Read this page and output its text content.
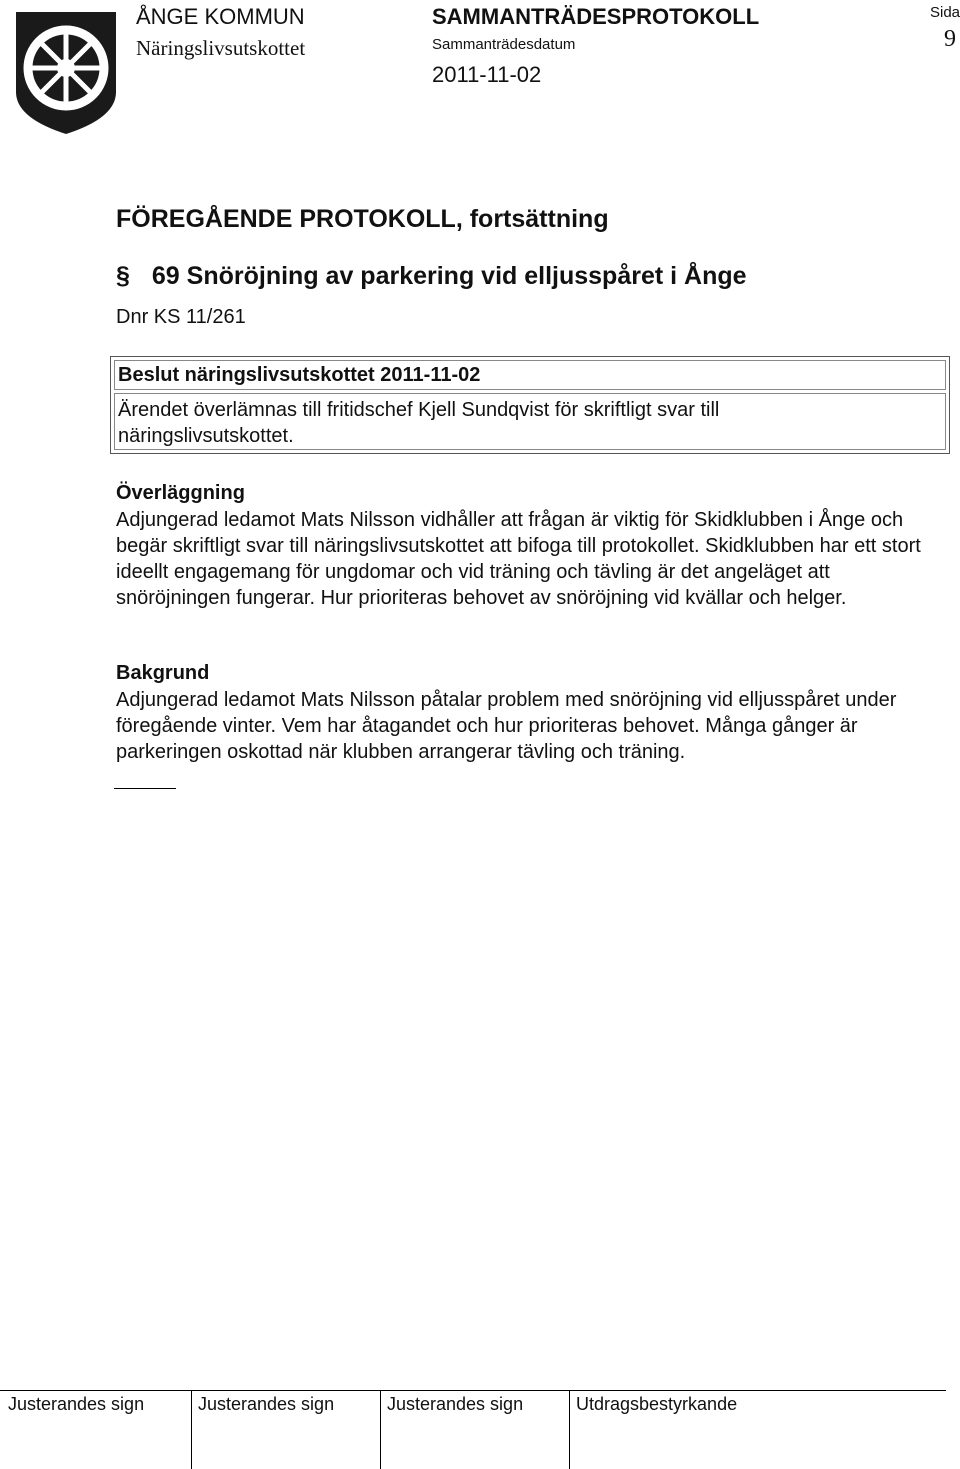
ÅNGE KOMMUN
Näringslivsutskottet
SAMMANTRÄDESPROTOKOLL
Sammanträdesdatum
2011-11-02
Sida
9
FÖREGÅENDE PROTOKOLL, fortsättning
§ 69 Snöröjning av parkering vid elljusspåret i Ånge
Dnr KS 11/261
Beslut näringslivsutskottet 2011-11-02
Ärendet överlämnas till fritidschef Kjell Sundqvist för skriftligt svar till näringslivsutskottet.
Överläggning
Adjungerad ledamot Mats Nilsson vidhåller att frågan är viktig för Skidklubben i Ånge och begär skriftligt svar till näringslivsutskottet att bifoga till protokollet. Skidklubben har ett stort ideellt engagemang för ungdomar och vid träning och tävling är det angeläget att snöröjningen fungerar. Hur prioriteras behovet av snöröjning vid kvällar och helger.
Bakgrund
Adjungerad ledamot Mats Nilsson påtalar problem med snöröjning vid elljusspåret under föregående vinter. Vem har åtagandet och hur prioriteras behovet. Många gånger är parkeringen oskottad när klubben arrangerar tävling och träning.
Justerandes sign	Justerandes sign	Justerandes sign	Utdragsbestyrkande
